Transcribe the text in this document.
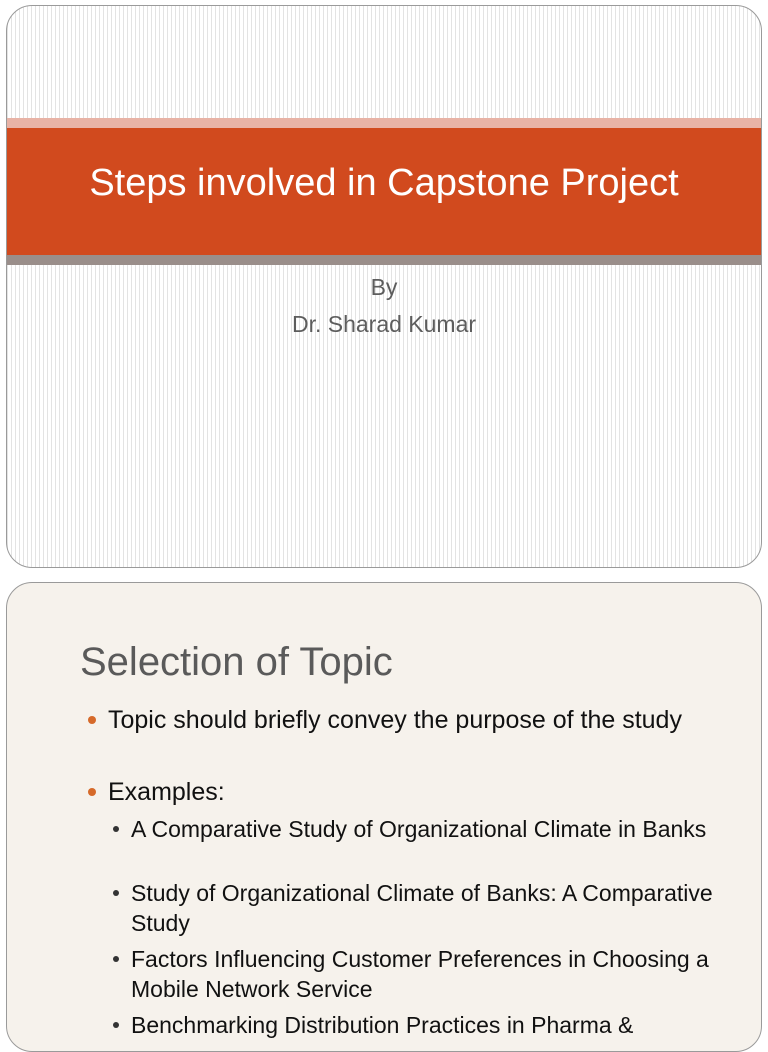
Steps involved in Capstone Project
By
Dr. Sharad Kumar
Selection of Topic
Topic should briefly convey the purpose of the study
Examples:
A Comparative Study of Organizational Climate in Banks
Study of Organizational Climate of Banks: A Comparative Study
Factors Influencing Customer Preferences in Choosing a Mobile Network Service
Benchmarking Distribution Practices in Pharma &
